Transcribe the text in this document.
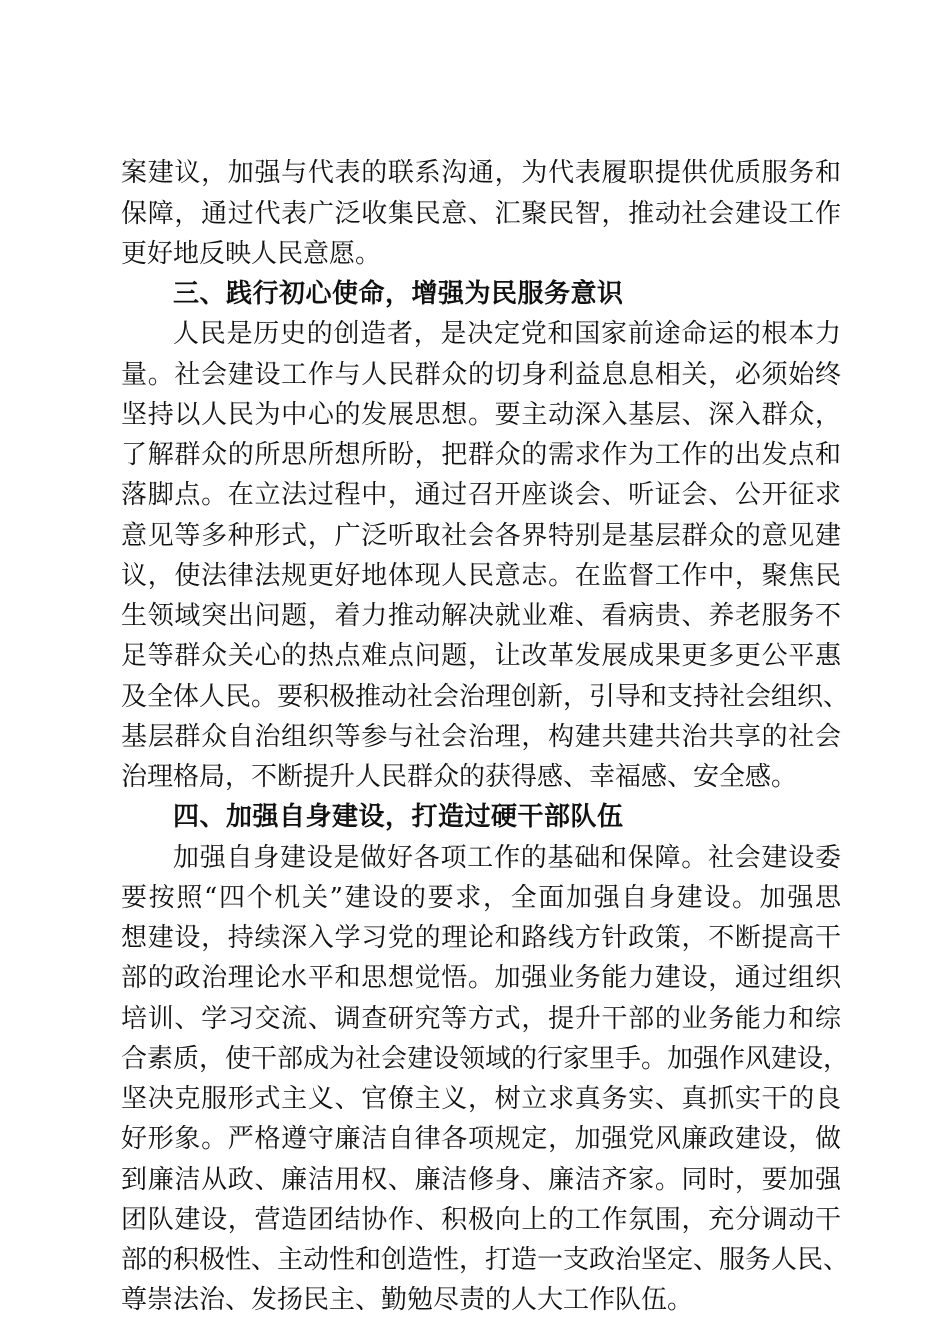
案建议，加强与代表的联系沟通，为代表履职提供优质服务和
保障，通过代表广泛收集民意、汇聚民智，推动社会建设工作
更好地反映人民意愿。
三、践行初心使命，增强为民服务意识
人民是历史的创造者，是决定党和国家前途命运的根本力
量。社会建设工作与人民群众的切身利益息息相关，必须始终
坚持以人民为中心的发展思想。要主动深入基层、深入群众，
了解群众的所思所想所盼，把群众的需求作为工作的出发点和
落脚点。在立法过程中，通过召开座谈会、听证会、公开征求
意见等多种形式，广泛听取社会各界特别是基层群众的意见建
议，使法律法规更好地体现人民意志。在监督工作中，聚焦民
生领域突出问题，着力推动解决就业难、看病贵、养老服务不
足等群众关心的热点难点问题，让改革发展成果更多更公平惠
及全体人民。要积极推动社会治理创新，引导和支持社会组织、
基层群众自治组织等参与社会治理，构建共建共治共享的社会
治理格局，不断提升人民群众的获得感、幸福感、安全感。
四、加强自身建设，打造过硬干部队伍
加强自身建设是做好各项工作的基础和保障。社会建设委
要按照“四个机关”建设的要求，全面加强自身建设。加强思
想建设，持续深入学习党的理论和路线方针政策，不断提高干
部的政治理论水平和思想觉悟。加强业务能力建设，通过组织
培训、学习交流、调查研究等方式，提升干部的业务能力和综
合素质，使干部成为社会建设领域的行家里手。加强作风建设，
坚决克服形式主义、官僚主义，树立求真务实、真抓实干的良
好形象。严格遵守廉洁自律各项规定，加强党风廉政建设，做
到廉洁从政、廉洁用权、廉洁修身、廉洁齐家。同时，要加强
团队建设，营造团结协作、积极向上的工作氛围，充分调动干
部的积极性、主动性和创造性，打造一支政治坚定、服务人民、
尊崇法治、发扬民主、勤勉尽责的人大工作队伍。
